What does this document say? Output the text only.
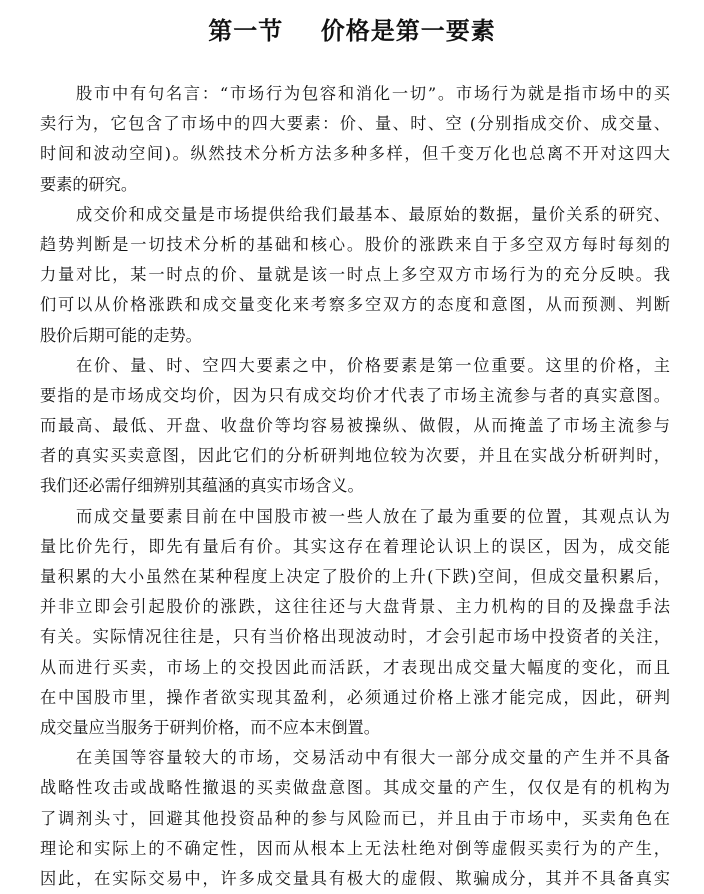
第一节    价格是第一要素
股市中有句名言：“市场行为包容和消化一切”。市场行为就是指市场中的买
卖行为，它包含了市场中的四大要素：价、量、时、空 (分别指成交价、成交量、
时间和波动空间)。纵然技术分析方法多种多样，但千变万化也总离不开对这四大
要素的研究。
成交价和成交量是市场提供给我们最基本、最原始的数据，量价关系的研究、
趋势判断是一切技术分析的基础和核心。股价的涨跌来自于多空双方每时每刻的
力量对比，某一时点的价、量就是该一时点上多空双方市场行为的充分反映。我
们可以从价格涨跌和成交量变化来考察多空双方的态度和意图，从而预测、判断
股价后期可能的走势。
在价、量、时、空四大要素之中，价格要素是第一位重要。这里的价格，主
要指的是市场成交均价，因为只有成交均价才代表了市场主流参与者的真实意图。
而最高、最低、开盘、收盘价等均容易被操纵、做假，从而掩盖了市场主流参与
者的真实买卖意图，因此它们的分析研判地位较为次要，并且在实战分析研判时，
我们还必需仔细辨别其蕴涵的真实市场含义。
而成交量要素目前在中国股市被一些人放在了最为重要的位置，其观点认为
量比价先行，即先有量后有价。其实这存在着理论认识上的误区，因为，成交能
量积累的大小虽然在某种程度上决定了股价的上升(下跌)空间，但成交量积累后，
并非立即会引起股价的涨跌，这往往还与大盘背景、主力机构的目的及操盘手法
有关。实际情况往往是，只有当价格出现波动时，才会引起市场中投资者的关注，
从而进行买卖，市场上的交投因此而活跃，才表现出成交量大幅度的变化，而且
在中国股市里，操作者欲实现其盈利，必须通过价格上涨才能完成，因此，研判
成交量应当服务于研判价格，而不应本末倒置。
在美国等容量较大的市场，交易活动中有很大一部分成交量的产生并不具备
战略性攻击或战略性撤退的买卖做盘意图。其成交量的产生，仅仅是有的机构为
了调剂头寸，回避其他投资品种的参与风险而已，并且由于市场中，买卖角色在
理论和实际上的不确定性，因而从根本上无法杜绝对倒等虚假买卖行为的产生，
因此，在实际交易中，许多成交量具有极大的虚假、欺骗成分，其并不具备真实
